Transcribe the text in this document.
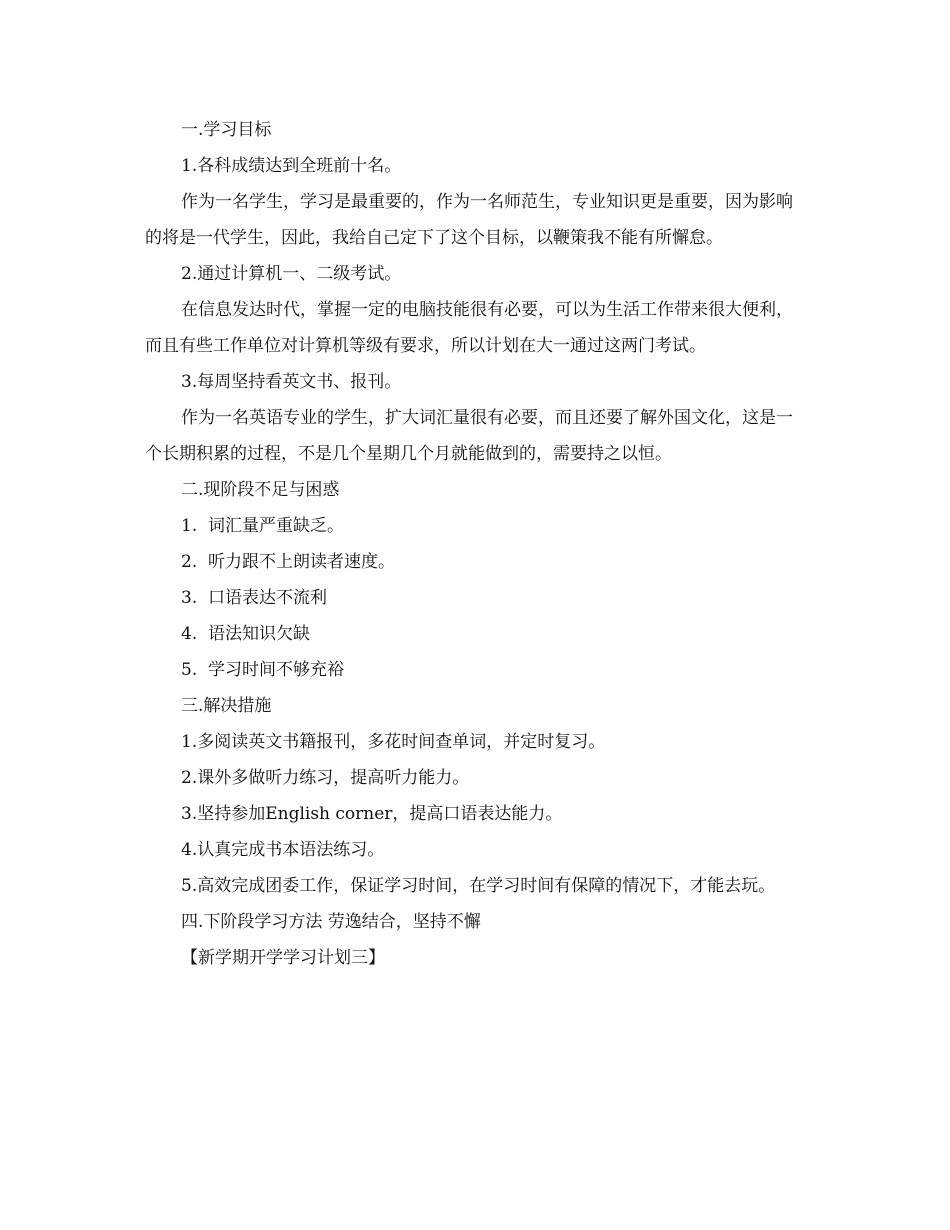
一.学习目标

1.各科成绩达到全班前十名。

作为一名学生，学习是最重要的，作为一名师范生，专业知识更是重要，因为影响的将是一代学生，因此，我给自己定下了这个目标，以鞭策我不能有所懈怠。

2.通过计算机一、二级考试。

在信息发达时代，掌握一定的电脑技能很有必要，可以为生活工作带来很大便利，而且有些工作单位对计算机等级有要求，所以计划在大一通过这两门考试。

3.每周坚持看英文书、报刊。

作为一名英语专业的学生，扩大词汇量很有必要，而且还要了解外国文化，这是一个长期积累的过程，不是几个星期几个月就能做到的，需要持之以恒。

二.现阶段不足与困惑

1.  词汇量严重缺乏。

2.  听力跟不上朗读者速度。

3.  口语表达不流利

4.  语法知识欠缺

5.  学习时间不够充裕

三.解决措施

1.多阅读英文书籍报刊，多花时间查单词，并定时复习。

2.课外多做听力练习，提高听力能力。

3.坚持参加English corner，提高口语表达能力。

4.认真完成书本语法练习。

5.高效完成团委工作，保证学习时间，在学习时间有保障的情况下，才能去玩。

四.下阶段学习方法 劳逸结合，坚持不懈

【新学期开学学习计划三】
